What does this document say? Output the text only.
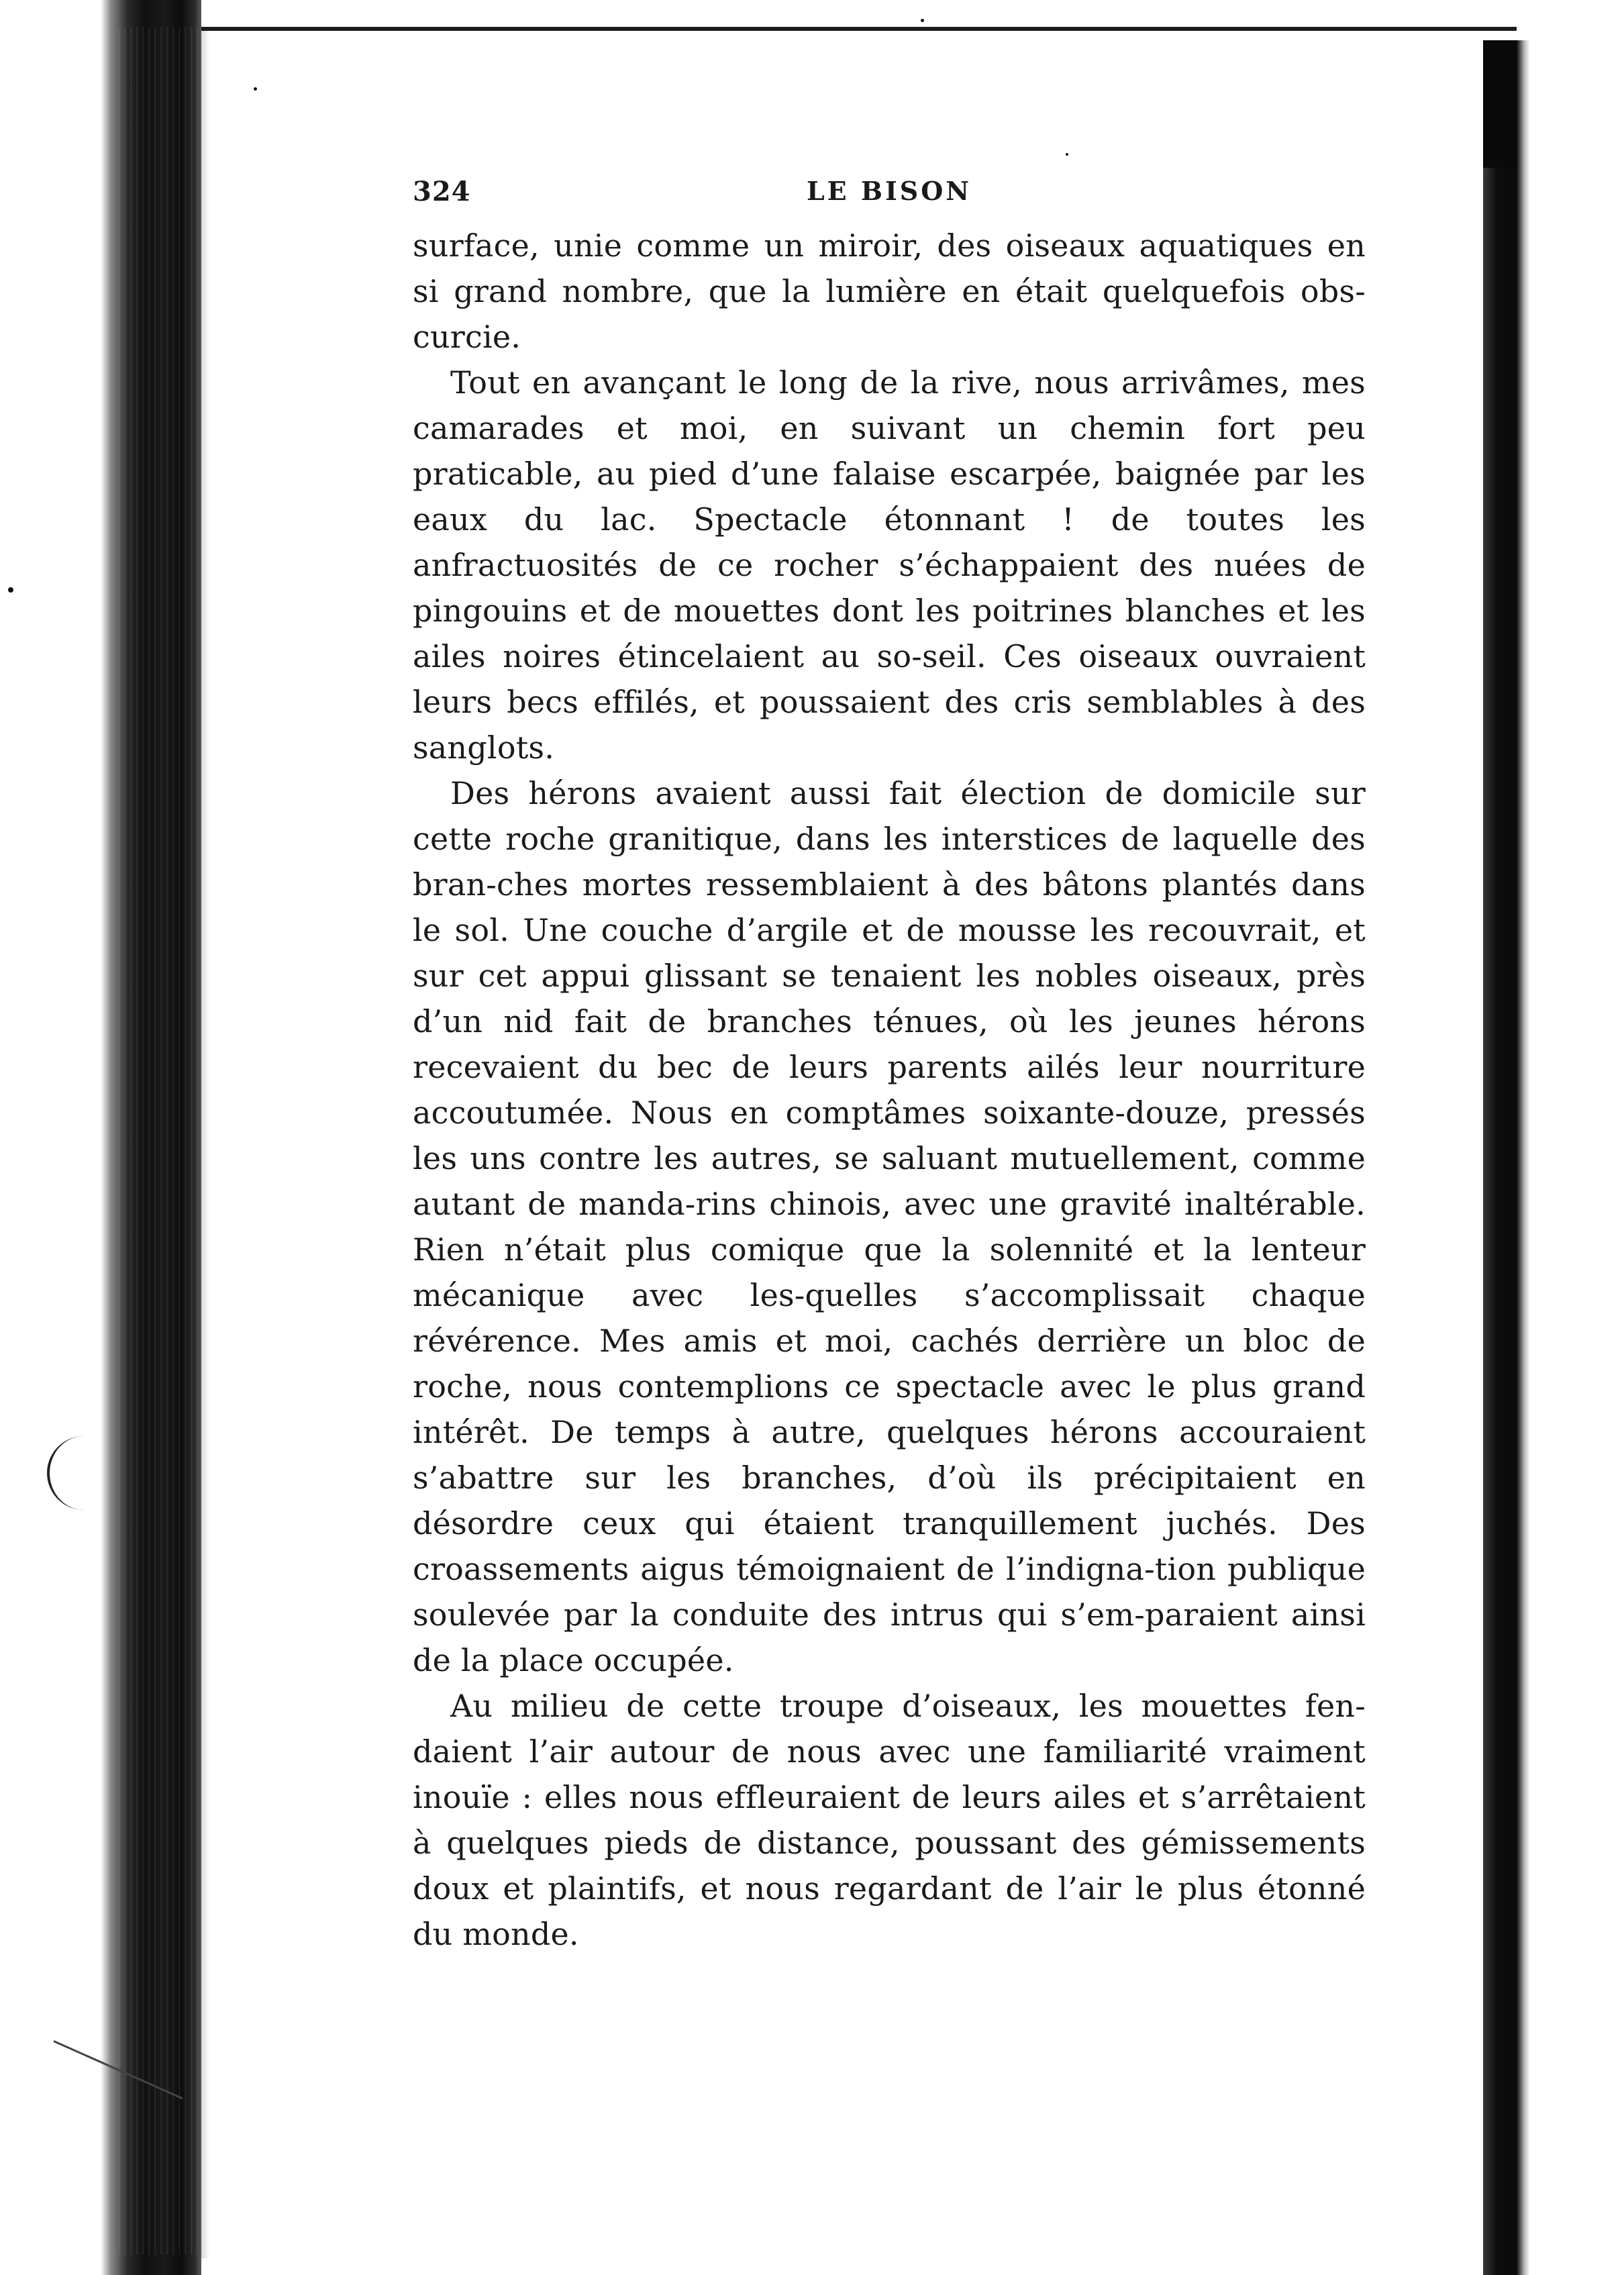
324	LE BISON

surface, unie comme un miroir, des oiseaux aquatiques en si grand nombre, que la lumière en était quelquefois obs-curcie.

Tout en avançant le long de la rive, nous arrivâmes, mes camarades et moi, en suivant un chemin fort peu praticable, au pied d’une falaise escarpée, baignée par les eaux du lac. Spectacle étonnant ! de toutes les anfractuosités de ce rocher s’échappaient des nuées de pingouins et de mouettes dont les poitrines blanches et les ailes noires étincelaient au so-seil. Ces oiseaux ouvraient leurs becs effilés, et poussaient des cris semblables à des sanglots.

Des hérons avaient aussi fait élection de domicile sur cette roche granitique, dans les interstices de laquelle des bran-ches mortes ressemblaient à des bâtons plantés dans le sol. Une couche d’argile et de mousse les recouvrait, et sur cet appui glissant se tenaient les nobles oiseaux, près d’un nid fait de branches ténues, où les jeunes hérons recevaient du bec de leurs parents ailés leur nourriture accoutumée. Nous en comptâmes soixante-douze, pressés les uns contre les autres, se saluant mutuellement, comme autant de manda-rins chinois, avec une gravité inaltérable. Rien n’était plus comique que la solennité et la lenteur mécanique avec les-quelles s’accomplissait chaque révérence. Mes amis et moi, cachés derrière un bloc de roche, nous contemplions ce spectacle avec le plus grand intérêt. De temps à autre, quelques hérons accouraient s’abattre sur les branches, d’où ils précipitaient en désordre ceux qui étaient tranquillement juchés. Des croassements aigus témoignaient de l’indigna-tion publique soulevée par la conduite des intrus qui s’em-paraient ainsi de la place occupée.

Au milieu de cette troupe d’oiseaux, les mouettes fen-daient l’air autour de nous avec une familiarité vraiment inouïe : elles nous effleuraient de leurs ailes et s’arrêtaient à quelques pieds de distance, poussant des gémissements doux et plaintifs, et nous regardant de l’air le plus étonné du monde.
